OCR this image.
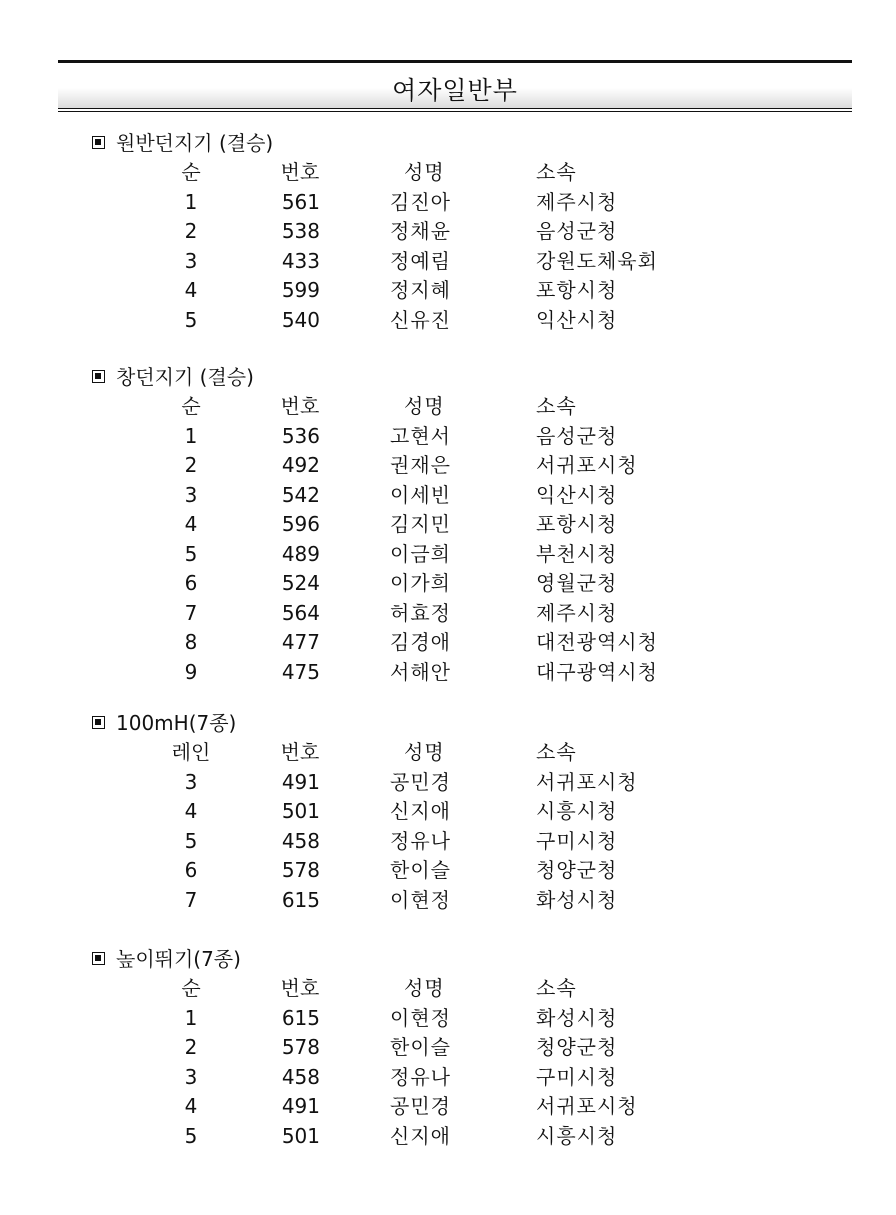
여자일반부
원반던지기 (결승)
순	번호	성명	소속
1	561	김진아	제주시청
2	538	정채윤	음성군청
3	433	정예림	강원도체육회
4	599	정지혜	포항시청
5	540	신유진	익산시청
창던지기 (결승)
순	번호	성명	소속
1	536	고현서	음성군청
2	492	권재은	서귀포시청
3	542	이세빈	익산시청
4	596	김지민	포항시청
5	489	이금희	부천시청
6	524	이가희	영월군청
7	564	허효정	제주시청
8	477	김경애	대전광역시청
9	475	서해안	대구광역시청
100mH(7종)
레인	번호	성명	소속
3	491	공민경	서귀포시청
4	501	신지애	시흥시청
5	458	정유나	구미시청
6	578	한이슬	청양군청
7	615	이현정	화성시청
높이뛰기(7종)
순	번호	성명	소속
1	615	이현정	화성시청
2	578	한이슬	청양군청
3	458	정유나	구미시청
4	491	공민경	서귀포시청
5	501	신지애	시흥시청
